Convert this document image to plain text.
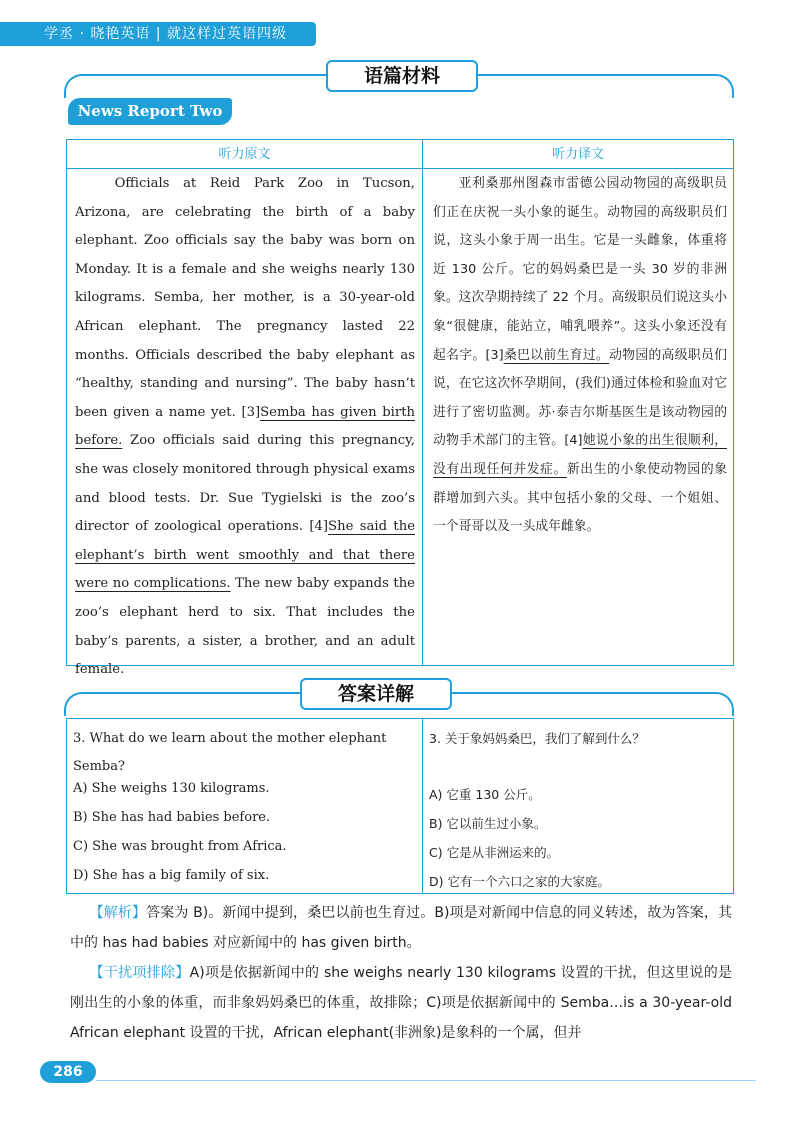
学丞 · 晓艳英语 | 就这样过英语四级
语篇材料
News Report Two
听力原文	听力译文

Officials at Reid Park Zoo in Tucson, Arizona, are celebrating the birth of a baby elephant. Zoo officials say the baby was born on Monday. It is a female and she weighs nearly 130 kilograms. Semba, her mother, is a 30-year-old African elephant. The pregnancy lasted 22 months. Officials described the baby elephant as “healthy, standing and nursing”. The baby hasn’t been given a name yet. [3]Semba has given birth before. Zoo officials said during this pregnancy, she was closely monitored through physical exams and blood tests. Dr. Sue Tygielski is the zoo’s director of zoological operations. [4]She said the elephant’s birth went smoothly and that there were no complications. The new baby expands the zoo’s elephant herd to six. That includes the baby’s parents, a sister, a brother, and an adult female.

亚利桑那州图森市雷德公园动物园的高级职员们正在庆祝一头小象的诞生。动物园的高级职员们说，这头小象于周一出生。它是一头雌象，体重将近 130 公斤。它的妈妈桑巴是一头 30 岁的非洲象。这次孕期持续了 22 个月。高级职员们说这头小象“很健康，能站立，哺乳喂养”。这头小象还没有起名字。[3]桑巴以前生育过。动物园的高级职员们说，在它这次怀孕期间，(我们)通过体检和验血对它进行了密切监测。苏·泰吉尔斯基医生是该动物园的动物手术部门的主管。[4]她说小象的出生很顺利，没有出现任何并发症。新出生的小象使动物园的象群增加到六头。其中包括小象的父母、一个姐姐、一个哥哥以及一头成年雌象。

答案详解
3. What do we learn about the mother elephant Semba?
3. 关于象妈妈桑巴，我们了解到什么？
A) She weighs 130 kilograms.
B) She has had babies before.
C) She was brought from Africa.
D) She has a big family of six.
A) 它重 130 公斤。
B) 它以前生过小象。
C) 它是从非洲运来的。
D) 它有一个六口之家的大家庭。

【解析】答案为 B)。新闻中提到，桑巴以前也生育过。B)项是对新闻中信息的同义转述，故为答案，其中的 has had babies 对应新闻中的 has given birth。

【干扰项排除】A)项是依据新闻中的 she weighs nearly 130 kilograms 设置的干扰，但这里说的是刚出生的小象的体重，而非象妈妈桑巴的体重，故排除；C)项是依据新闻中的 Semba…is a 30-year-old African elephant 设置的干扰，African elephant(非洲象)是象科的一个属，但并

286
